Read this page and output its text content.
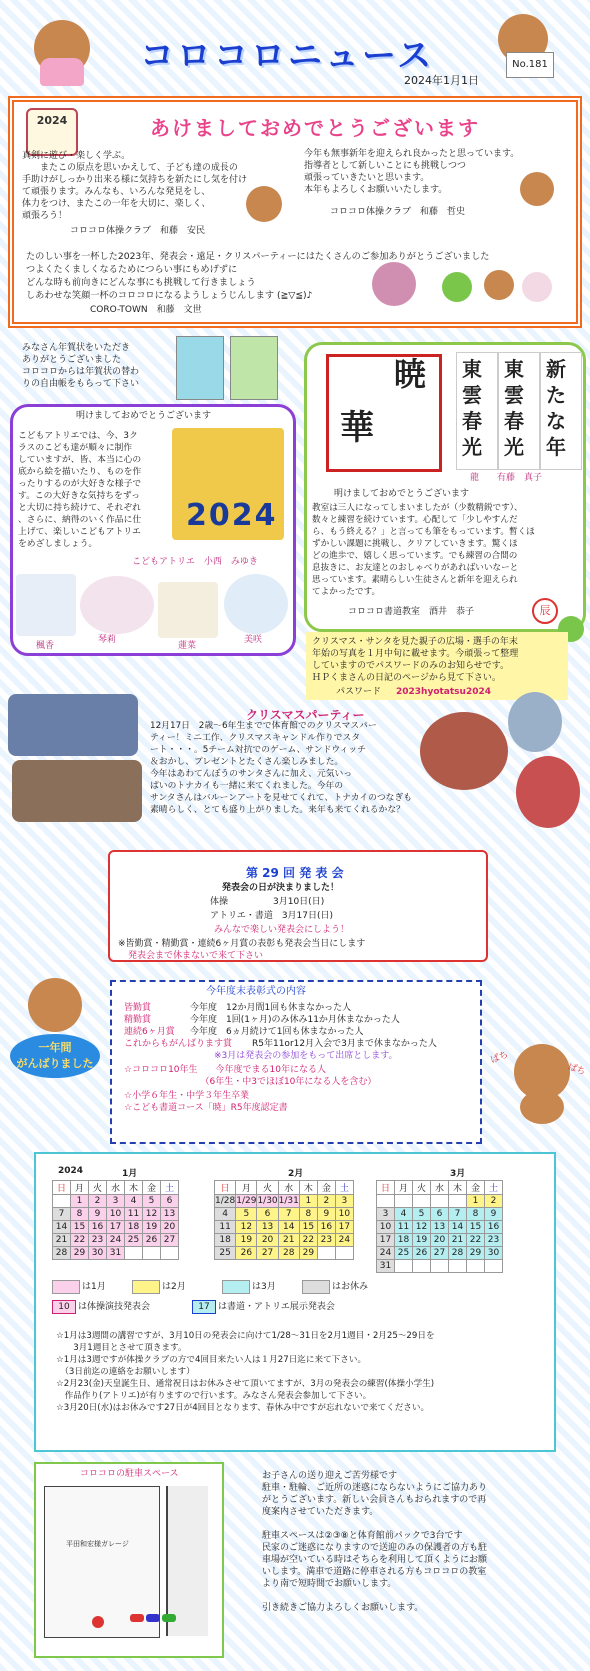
コロコロニュース
2024年1月1日
No.181
2024	あけましておめでとうございます
真剣に遊び・楽しく学ぶ。
　　またこの原点を思いかえして、子ども達の成長の
手助けがしっかり出来る様に気持ちを新たにし気を付け
て頑張ります。みんなも、いろんな発見をし、
体力をつけ、またこの一年を大切に、楽しく、
頑張ろう！
コロコロ体操クラブ　和藤　安民
今年も無事新年を迎えられ良かったと思っています。
指導者として新しいことにも挑戦しつつ
頑張っていきたいと思います。
本年もよろしくお願いいたします。
コロコロ体操クラブ　和藤　哲史
たのしい事を一杯した2023年、発表会・遠足・クリスパーティーにはたくさんのご参加ありがとうございました
つよくたくましくなるためにつらい事にもめげずに
どんな時も前向きにどんな事にも挑戦して行きましょう
しあわせな笑顔一杯のコロコロになるようしょうじんします (≧▽≦)♪
CORO-TOWN　和藤　文世
みなさん年賀状をいただき
ありがとうございました
コロコロからは年賀状の替わ
りの自由帳をもらって下さい
明けましておめでとうございます
こどもアトリエでは、今、3ク
ラスのこども達が順々に制作
していますが、皆、本当に心の
底から絵を描いたり、ものを作
ったりするのが大好きな様子で
す。この大好きな気持ちをずっ
と大切に持ち続けて、それぞれ
、さらに、納得のいく作品に仕
上げて、楽しいこどもアトリエ
をめざしましょう。
2024
こどもアトリエ　小西　みゆき
楓香
琴莉
蓮菜
美咲
華
暁 東雲春光
東雲春光
新たな年
龍　　有藤　真子
明けましておめでとうございます
教室は三人になってしまいましたが（少数精鋭です）、
数々と練習を続けています。心配して「少しやすんだ
ら、もう終える？」と言っても筆をもっています。暫くほ
ずかしい課題に挑戦し、クリアしていきます。驚くほ
どの進歩で、嬉しく思っています。でも練習の合間の
息抜きに、お友達とのおしゃべりがあればいいなーと
思っています。素晴らしい生徒さんと新年を迎えられ
てよかったです。
コロコロ書道教室　酒井　恭子	辰
クリスマス・サンタを見た親子の広場・選手の年末
年始の写真を１月中旬に載せます。今頑張って整理
していますのでパスワードのみのお知らせです。
ＨＰくまさんの日記のページから見て下さい。
パスワード 2023hyotatsu2024
クリスマスパーティー
12月17日　2歳〜6年生までで体育館でのクリスマスパー
ティー！ミニ工作、クリスマスキャンドル作りでスタ
ート・・・。5チーム対抗でのゲーム、サンドウィッチ
＆おかし、プレゼントとたくさん楽しみました。
今年はあわてんぼうのサンタさんに加え、元気いっ
ぱいのトナカイも一緒に来てくれました。今年の
サンタさんはバルーンアートを見せてくれて、トナカイのつなぎも
素晴らしく、とても盛り上がりました。来年も来てくれるかな？
第 29 回 発 表 会
発表会の日が決まりました！
体操　　　　　3月10日(日)
アトリエ・書道　3月17日(日)
みんなで楽しい発表会にしよう！
※皆勤賞・精勤賞・連続6ヶ月賞の表彰も発表会当日にします
発表会まで休まないで来て下さい
一年間
がんばりました
今年度末表彰式の内容
皆勤賞	今年度　12か月間1回も休まなかった人
精勤賞	今年度　1回(1ヶ月)のみ休み11か月休まなかった人
連続6ヶ月賞 今年度　6ヵ月続けて1回も休まなかった人
これからもがんばります賞 R5年11or12月入会で3月まで休まなかった人
※3月は発表会の参加をもって出席とします。
☆コロコロ10年生　　今年度でまる10年になる人
　　　　　　　　　（6年生・中3でほぼ10年になる人を含む）
☆小学６年生・中学３年生卒業
☆こども書道コース「暁」R5年度認定書
ぱち
ぱち
2024	1月	2月	3月
日	月	火	水	木	金	土
	1	2	3	4	5	6
7	8	9	10	11	12	13
14	15	16	17	18	19	20
21	22	23	24	25	26	27
28	29	30	31			
日	月	火	水	木	金	土
1/28	1/29	1/30	1/31	1	2	3
4	5	6	7	8	9	10
11	12	13	14	15	16	17
18	19	20	21	22	23	24
25	26	27	28	29		
日	月	火	水	木	金	土
					1	2
3	4	5	6	7	8	9
10	11	12	13	14	15	16
17	18	19	20	21	22	23
24	25	26	27	28	29	30
31						
は1月	は2月	は3月	はお休み
10 は体操演技発表会	17 は書道・アトリエ展示発表会
☆1月は3週間の講習ですが、3月10日の発表会に向けて1/28〜31日を2月1週目・2月25〜29日を
　　3月1週目とさせて頂きます。
☆1月は3週ですが体操クラブの方で4回目来たい人は１月27日迄に来て下さい。
　（3日前迄の連絡をお願いします）
☆2月23(金)天皇誕生日、通常祝日はお休みさせて頂いてますが、3月の発表会の練習(体操小学生)
　作品作り(アトリエ)が有りますので行います。みなさん発表会参加して下さい。
☆3月20日(水)はお休みです27日が4回目となります、春休み中ですが忘れないで来てください。
コロコロの駐車スペース
平田和宏様ガレージ
お子さんの送り迎えご苦労様です
駐車・駐輪、ご近所の迷惑にならないようにご協力あり
がとうございます。新しい会員さんもおられますので再
度案内させていただきます。

駐車スペースは②③⑧と体育館前パックで3台です
民家のご迷惑になりますので送迎のみの保護者の方も駐
車場が空いている時はそちらを利用して頂くようにお願
いします。満車で道路に停車される方もコロコロの教室
より南で短時間でお願いします。

引き続きご協力よろしくお願いします。
